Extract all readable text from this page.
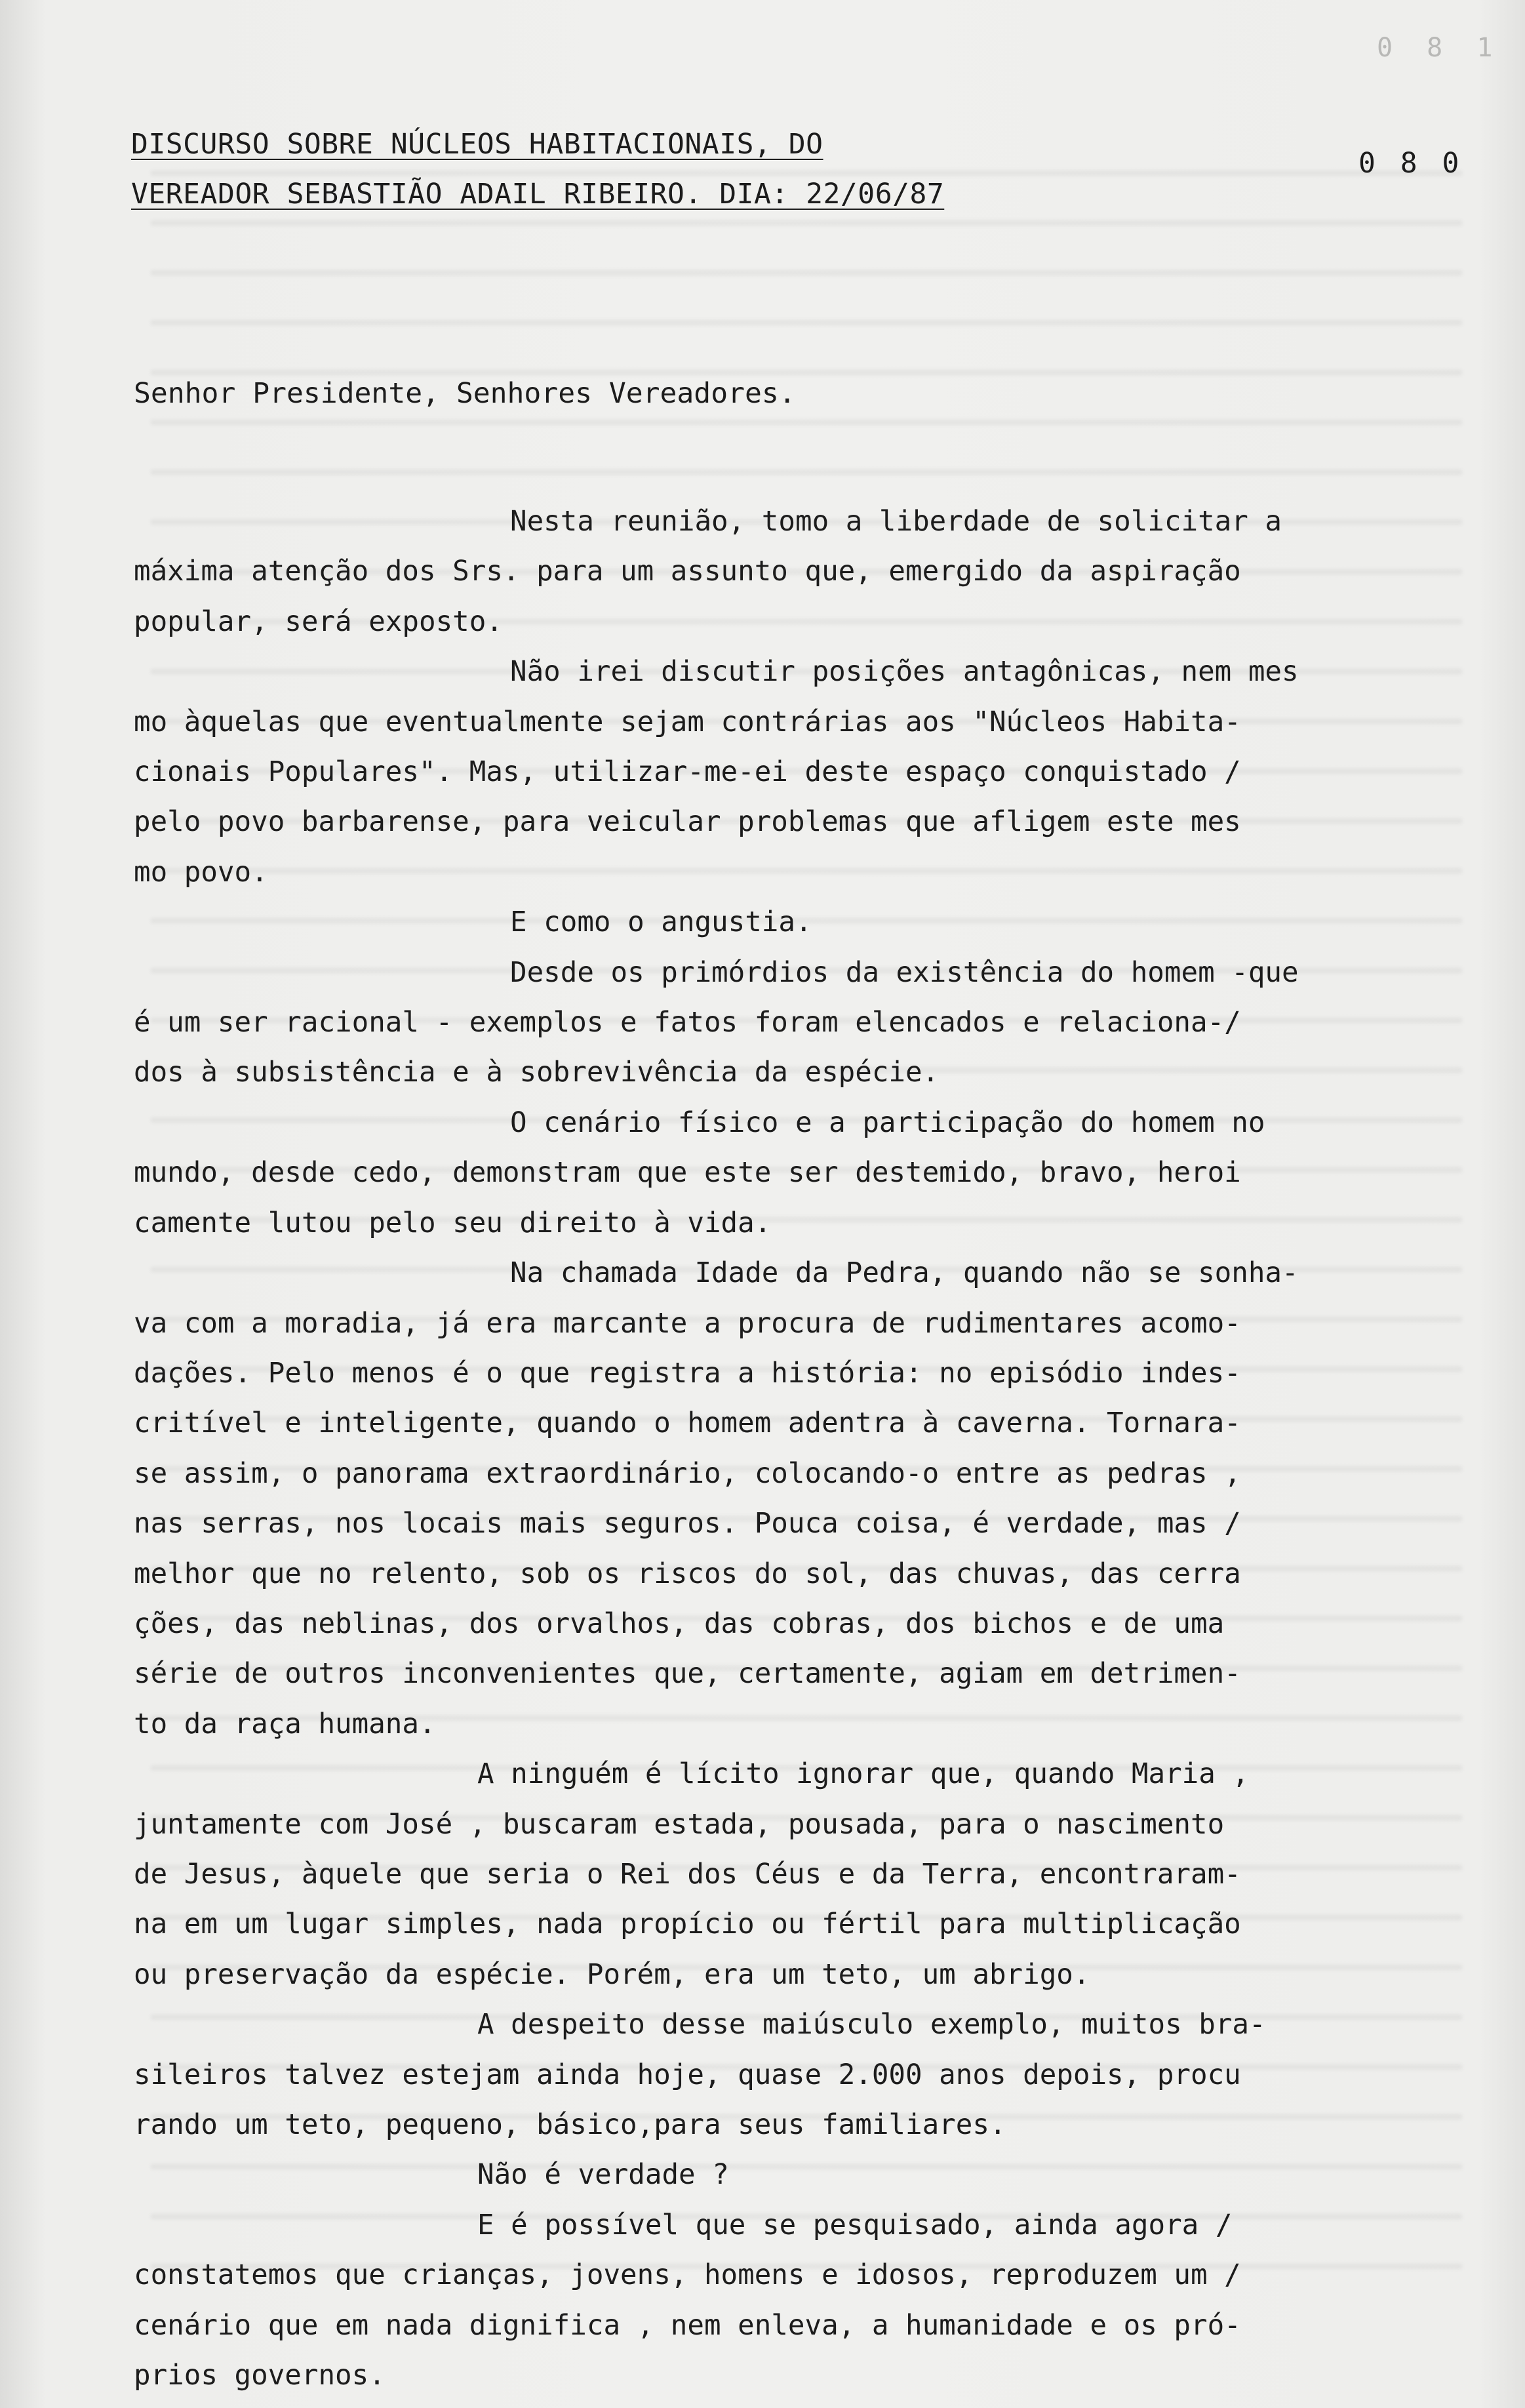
0 8 1
DISCURSO SOBRE NÚCLEOS HABITACIONAIS, DO
VEREADOR SEBASTIÃO ADAIL RIBEIRO. DIA: 22/06/87
0 8 0
Senhor Presidente, Senhores Vereadores.
Nesta reunião, tomo a liberdade de solicitar a
máxima atenção dos Srs. para um assunto que, emergido da aspiração
popular, será exposto.
Não irei discutir posições antagônicas, nem mes
mo àquelas que eventualmente sejam contrárias aos "Núcleos Habita-
cionais Populares". Mas, utilizar-me-ei deste espaço conquistado /
pelo povo barbarense, para veicular problemas que afligem este mes
mo povo.
E como o angustia.
Desde os primórdios da existência do homem -que
é um ser racional - exemplos e fatos foram elencados e relaciona-/
dos à subsistência e à sobrevivência da espécie.
O cenário físico e a participação do homem no
mundo, desde cedo, demonstram que este ser destemido, bravo, heroi
camente lutou pelo seu direito à vida.
Na chamada Idade da Pedra, quando não se sonha-
va com a moradia, já era marcante a procura de rudimentares acomo-
dações. Pelo menos é o que registra a história: no episódio indes-
critível e inteligente, quando o homem adentra à caverna. Tornara-
se assim, o panorama extraordinário, colocando-o entre as pedras ,
nas serras, nos locais mais seguros. Pouca coisa, é verdade, mas /
melhor que no relento, sob os riscos do sol, das chuvas, das cerra
ções, das neblinas, dos orvalhos, das cobras, dos bichos e de uma
série de outros inconvenientes que, certamente, agiam em detrimen-
to da raça humana.
A ninguém é lícito ignorar que, quando Maria ,
juntamente com José , buscaram estada, pousada, para o nascimento
de Jesus, àquele que seria o Rei dos Céus e da Terra, encontraram-
na em um lugar simples, nada propício ou fértil para multiplicação
ou preservação da espécie. Porém, era um teto, um abrigo.
A despeito desse maiúsculo exemplo, muitos bra-
sileiros talvez estejam ainda hoje, quase 2.000 anos depois, procu
rando um teto, pequeno, básico,para seus familiares.
Não é verdade ?
E é possível que se pesquisado, ainda agora /
constatemos que crianças, jovens, homens e idosos, reproduzem um /
cenário que em nada dignifica , nem enleva, a humanidade e os pró-
prios governos.
